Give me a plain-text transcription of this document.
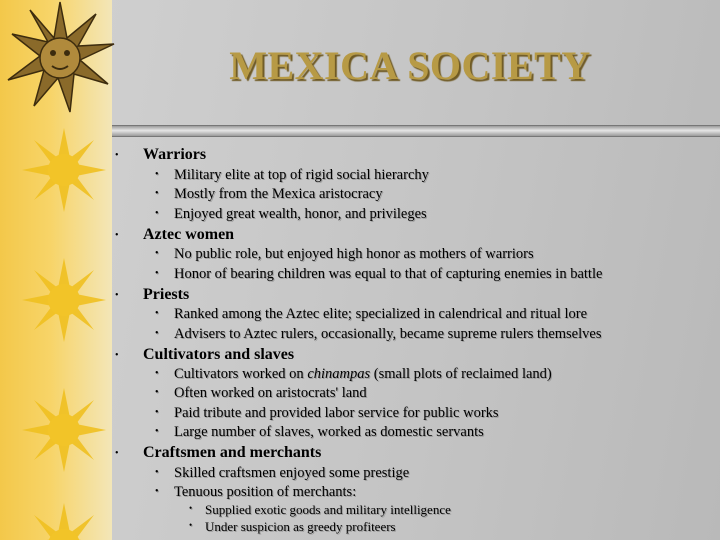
MEXICA SOCIETY
• Warriors
• Military elite at top of rigid social hierarchy
• Mostly from the Mexica aristocracy
• Enjoyed great wealth, honor, and privileges
• Aztec women
• No public role, but enjoyed high honor as mothers of warriors
• Honor of bearing children was equal to that of capturing enemies in battle
• Priests
• Ranked among the Aztec elite; specialized in calendrical and ritual lore
• Advisers to Aztec rulers, occasionally, became supreme rulers themselves
• Cultivators and slaves
• Cultivators worked on chinampas (small plots of reclaimed land)
• Often worked on aristocrats' land
• Paid tribute and provided labor service for public works
• Large number of slaves, worked as domestic servants
• Craftsmen and merchants
• Skilled craftsmen enjoyed some prestige
• Tenuous position of merchants:
• Supplied exotic goods and military intelligence
• Under suspicion as greedy profiteers
